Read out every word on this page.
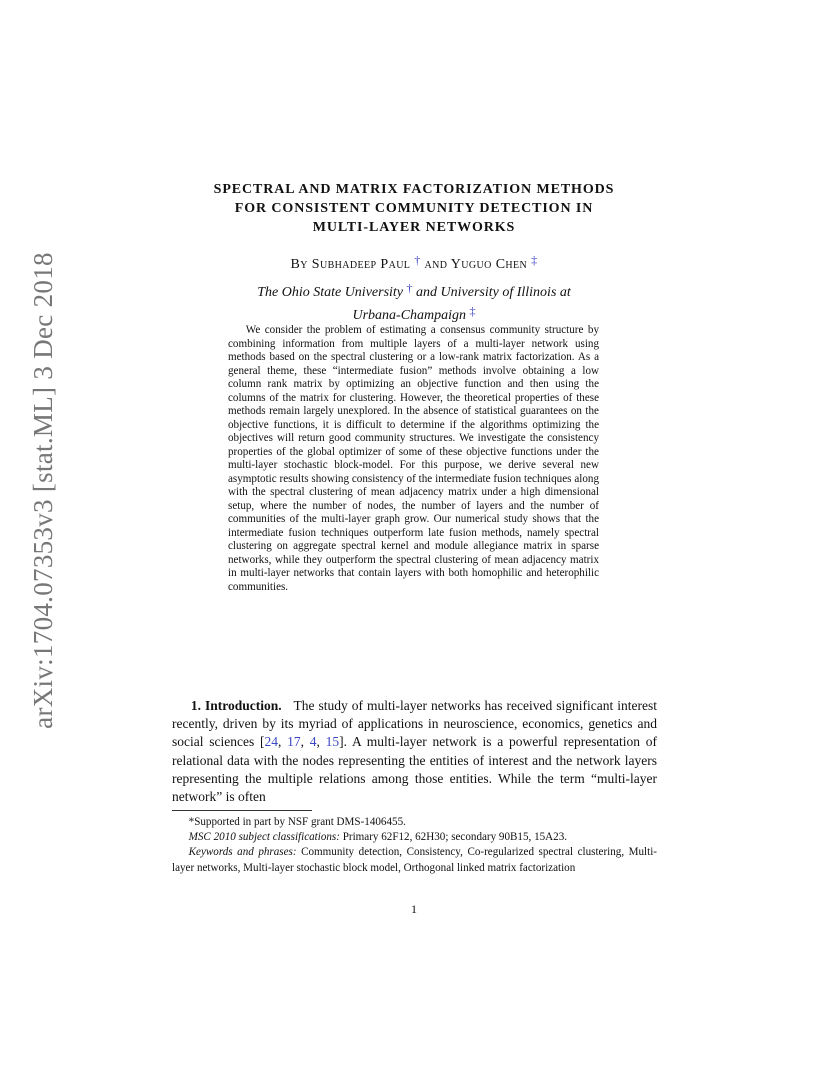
arXiv:1704.07353v3 [stat.ML] 3 Dec 2018
SPECTRAL AND MATRIX FACTORIZATION METHODS
FOR CONSISTENT COMMUNITY DETECTION IN
MULTI-LAYER NETWORKS
By Subhadeep Paul † and Yuguo Chen ‡
The Ohio State University † and University of Illinois at
Urbana-Champaign ‡

We consider the problem of estimating a consensus community structure by combining information from multiple layers of a multi-layer network using methods based on the spectral clustering or a low-rank matrix factorization. As a general theme, these “intermediate fusion” methods involve obtaining a low column rank matrix by optimizing an objective function and then using the columns of the matrix for clustering. However, the theoretical properties of these methods remain largely unexplored. In the absence of statistical guarantees on the objective functions, it is difficult to determine if the algorithms optimizing the objectives will return good community structures. We investigate the consistency properties of the global optimizer of some of these objective functions under the multi-layer stochastic block-model. For this purpose, we derive several new asymptotic results showing consistency of the intermediate fusion techniques along with the spectral clustering of mean adjacency matrix under a high dimensional setup, where the number of nodes, the number of layers and the number of communities of the multi-layer graph grow. Our numerical study shows that the intermediate fusion techniques outperform late fusion methods, namely spectral clustering on aggregate spectral kernel and module allegiance matrix in sparse networks, while they outperform the spectral clustering of mean adjacency matrix in multi-layer networks that contain layers with both homophilic and heterophilic communities.

1. Introduction. The study of multi-layer networks has received significant interest recently, driven by its myriad of applications in neuroscience, economics, genetics and social sciences [24, 17, 4, 15]. A multi-layer network is a powerful representation of relational data with the nodes representing the entities of interest and the network layers representing the multiple relations among those entities. While the term “multi-layer network” is often

*Supported in part by NSF grant DMS-1406455.

MSC 2010 subject classifications: Primary 62F12, 62H30; secondary 90B15, 15A23.

Keywords and phrases: Community detection, Consistency, Co-regularized spectral clustering, Multi-layer networks, Multi-layer stochastic block model, Orthogonal linked matrix factorization

1
